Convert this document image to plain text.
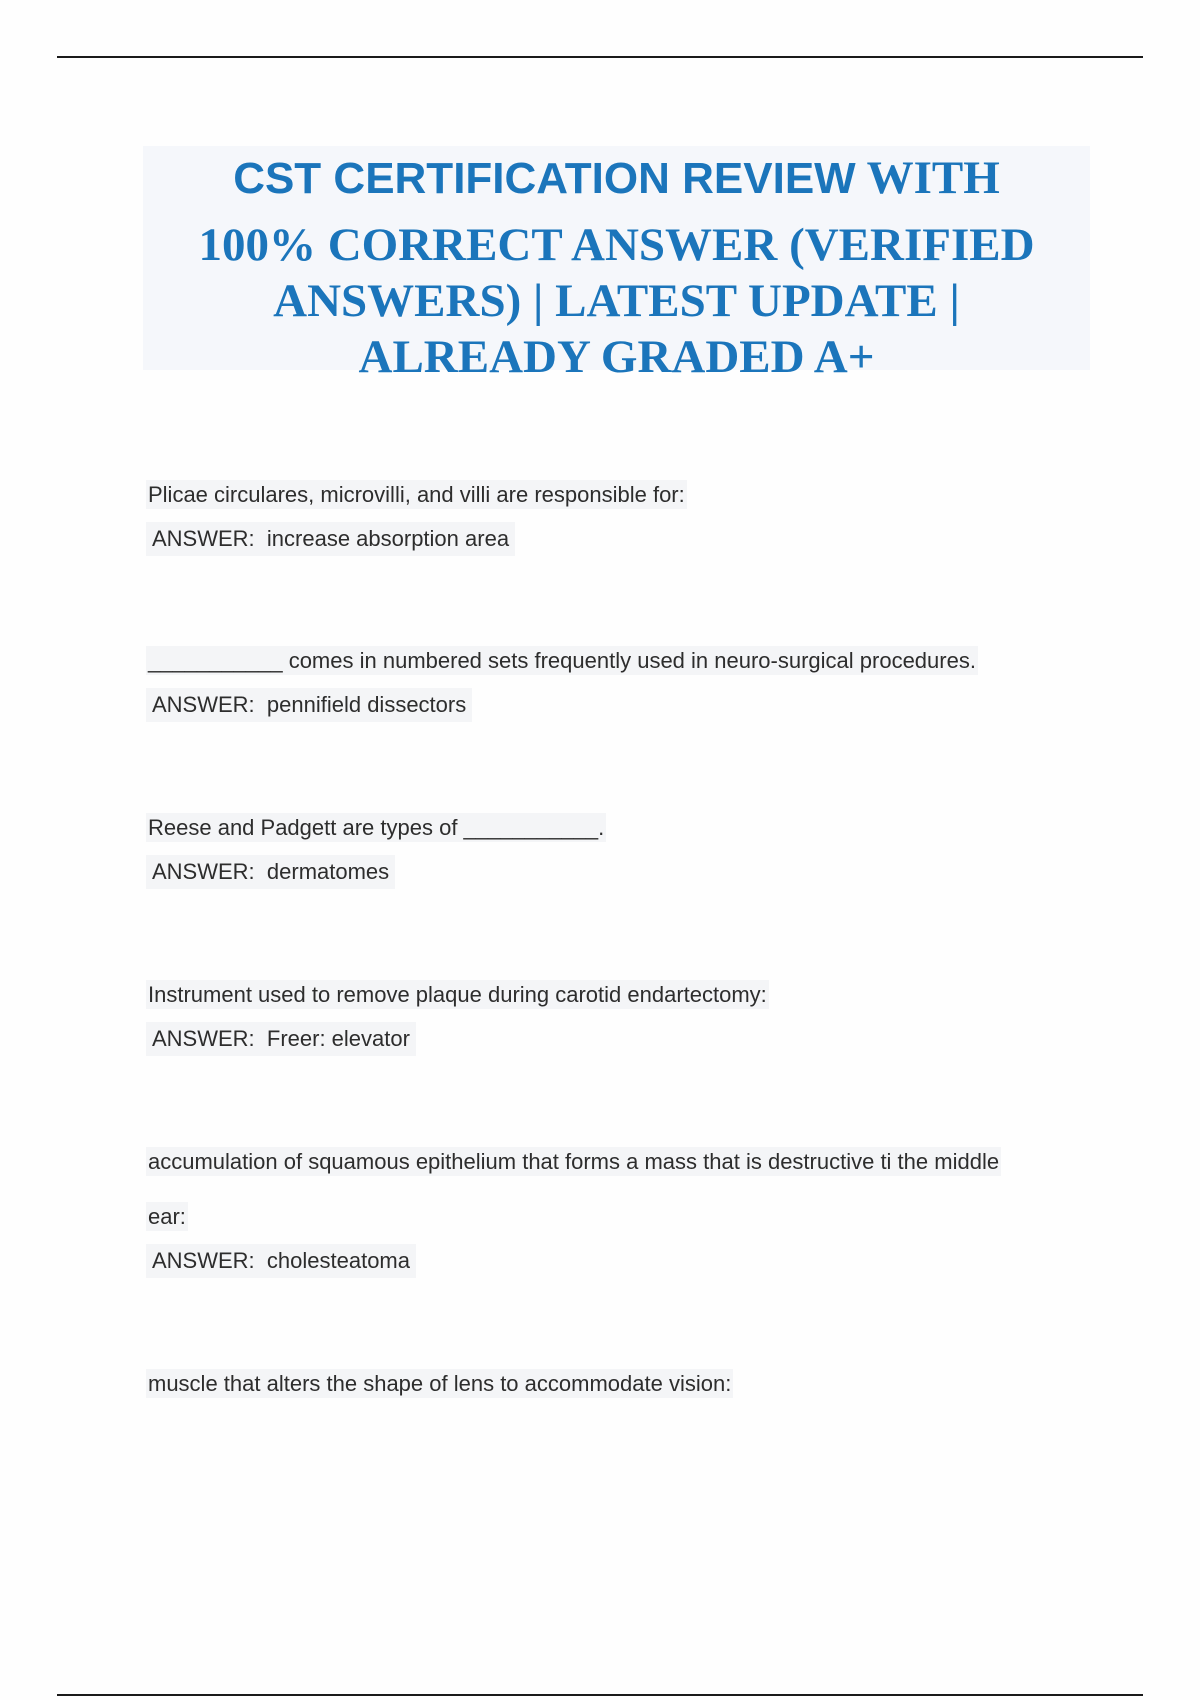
CST CERTIFICATION REVIEW WITH
100% CORRECT ANSWER (VERIFIED
ANSWERS) | LATEST UPDATE |
ALREADY GRADED A+

Plicae circulares, microvilli, and villi are responsible for:

ANSWER:  increase absorption area

___________ comes in numbered sets frequently used in neuro-surgical procedures.

ANSWER:  pennifield dissectors

Reese and Padgett are types of ___________.

ANSWER:  dermatomes

Instrument used to remove plaque during carotid endartectomy:

ANSWER:  Freer: elevator

accumulation of squamous epithelium that forms a mass that is destructive ti the middle

ear:

ANSWER:  cholesteatoma

muscle that alters the shape of lens to accommodate vision:
